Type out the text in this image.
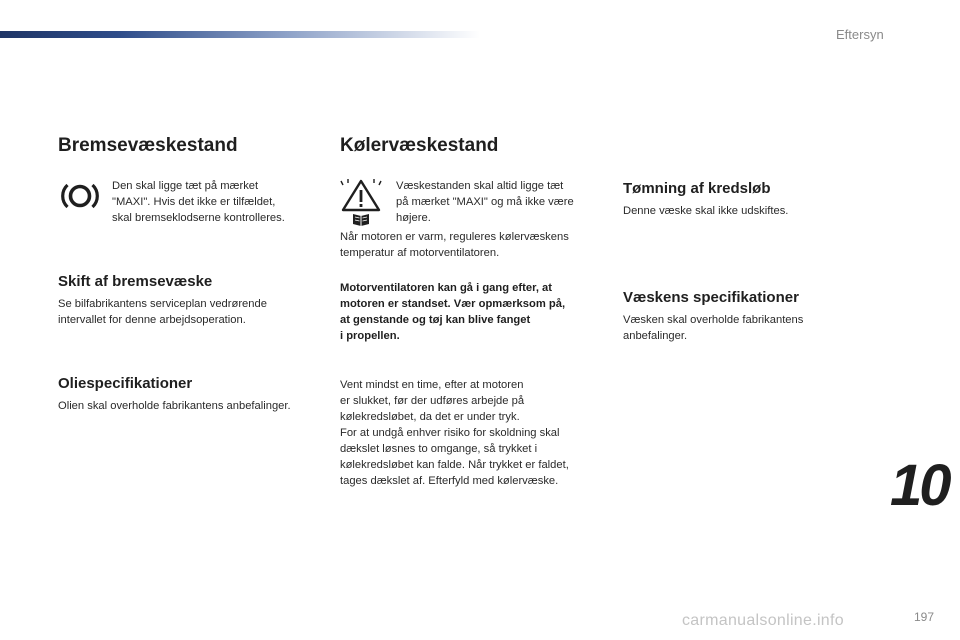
Eftersyn
Bremsevæskestand
Den skal ligge tæt på mærket
"MAXI". Hvis det ikke er tilfældet,
skal bremseklodserne kontrolleres.
Skift af bremsevæske
Se bilfabrikantens serviceplan vedrørende
intervallet for denne arbejdsoperation.
Oliespecifikationer
Olien skal overholde fabrikantens anbefalinger.
Kølervæskestand
Væskestanden skal altid ligge tæt
på mærket "MAXI" og må ikke være
højere.
Når motoren er varm, reguleres kølervæskens
temperatur af motorventilatoren.
Motorventilatoren kan gå i gang efter, at
motoren er standset. Vær opmærksom på,
at genstande og tøj kan blive fanget
i propellen.
Vent mindst en time, efter at motoren
er slukket, før der udføres arbejde på
kølekredsløbet, da det er under tryk.
For at undgå enhver risiko for skoldning skal
dækslet løsnes to omgange, så trykket i
kølekredsløbet kan falde. Når trykket er faldet,
tages dækslet af. Efterfyld med kølervæske.
Tømning af kredsløb
Denne væske skal ikke udskiftes.
Væskens specifikationer
Væsken skal overholde fabrikantens
anbefalinger.
10
carmanualsonline.info	197
